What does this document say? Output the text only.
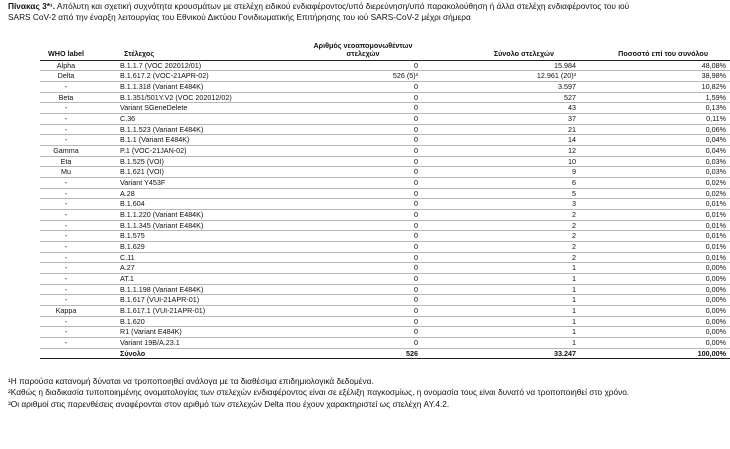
Πίνακας 3*¹. Απόλυτη και σχετική συχνότητα κρουσμάτων με στελέχη ειδικού ενδιαφέροντος/υπό διερεύνηση/υπό παρακολούθηση ή άλλα στελέχη ενδιαφέροντος του ιού SARS CoV-2 από την έναρξη λειτουργίας του Εθνικού Δικτύου Γονιδιωματικής Επιτήρησης του ιού SARS-CoV-2 μέχρι σήμερα
WHO label	Στέλεχος	Αριθμός νεοαπομονωθέντων στελεχών	Σύνολο στελεχών	Ποσοστό επί του συνόλου
Alpha	B.1.1.7 (VOC 202012/01)	0	15.984	48,08%
Delta	B.1.617.2 (VOC-21APR-02)	526 (5)³	12.961 (20)³	38,98%
-	B.1.1.318 (Variant E484K)	0	3.597	10,82%
Beta	B.1.351/501Y.V2 (VOC 202012/02)	0	527	1,59%
-	Variant SGeneDelete	0	43	0,13%
-	C.36	0	37	0,11%
-	B.1.1.523 (Variant E484K)	0	21	0,06%
-	B.1.1 (Variant E484K)	0	14	0,04%
Gamma	P.1 (VOC-21JAN-02)	0	12	0,04%
Eta	B.1.525 (VOI)	0	10	0,03%
Mu	B.1.621 (VOI)	0	9	0,03%
-	Variant Y453F	0	6	0,02%
-	A.28	0	5	0,02%
-	B.1.604	0	3	0,01%
-	B.1.1.220 (Variant E484K)	0	2	0,01%
-	B.1.1.345 (Variant E484K)	0	2	0,01%
-	B.1.575	0	2	0,01%
-	B.1.629	0	2	0,01%
-	C.11	0	2	0,01%
-	A.27	0	1	0,00%
-	AT.1	0	1	0,00%
-	B.1.1.198 (Variant E484K)	0	1	0,00%
-	B.1.617 (VUI-21APR-01)	0	1	0,00%
Kappa	B.1.617.1 (VUI-21APR-01)	0	1	0,00%
-	B.1.620	0	1	0,00%
-	R1 (Variant E484K)	0	1	0,00%
-	Variant 19B/A.23.1	0	1	0,00%
	Σύνολο	526	33.247	100,00%

¹Η παρούσα κατανομή δύναται να τροποποιηθεί ανάλογα με τα διαθέσιμα επιδημιολογικά δεδομένα.

²Καθώς η διαδικασία τυποποιημένης ονοματολογίας των στελεχών ενδιαφέροντος είναι σε εξέλιξη παγκοσμίως, η ονομασία τους είναι δυνατό να τροποποιηθεί στο χρόνο.

³Οι αριθμοί στις παρενθέσεις αναφέρονται στον αριθμό των στελεχών Delta που έχουν χαρακτηριστεί ως στελέχη AY.4.2.
